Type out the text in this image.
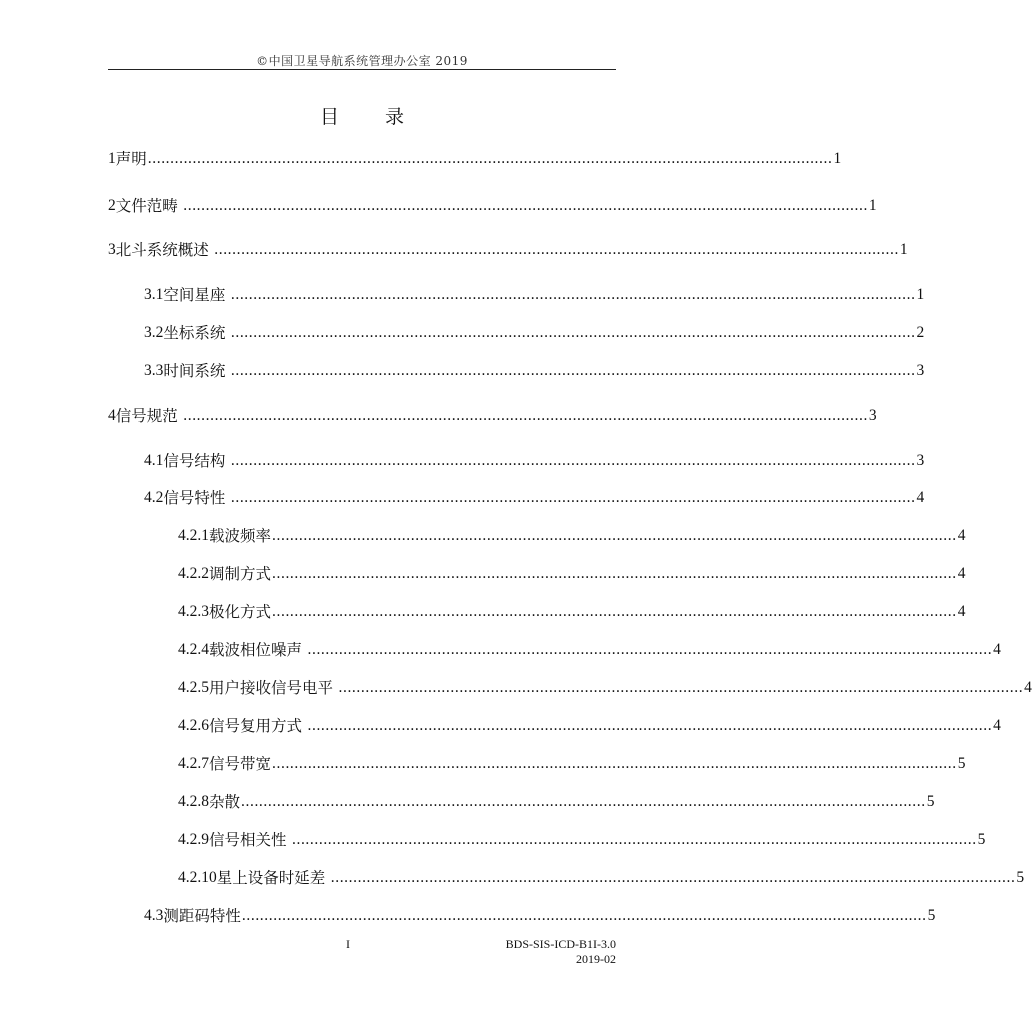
©中国卫星导航系统管理办公室 2019
目 录
1 声明 ......................................................................................................................................................... 1
2 文件范畴 ......................................................................................................................................................... 1
3 北斗系统概述 ......................................................................................................................................................... 1
3.1 空间星座 ......................................................................................................................................................... 1
3.2 坐标系统 ......................................................................................................................................................... 2
3.3 时间系统 ......................................................................................................................................................... 3
4 信号规范 ......................................................................................................................................................... 3
4.1 信号结构 ......................................................................................................................................................... 3
4.2 信号特性 ......................................................................................................................................................... 4
4.2.1 载波频率 ......................................................................................................................................................... 4
4.2.2 调制方式 ......................................................................................................................................................... 4
4.2.3 极化方式 ......................................................................................................................................................... 4
4.2.4 载波相位噪声 ......................................................................................................................................................... 4
4.2.5 用户接收信号电平 ......................................................................................................................................................... 4
4.2.6 信号复用方式 ......................................................................................................................................................... 4
4.2.7 信号带宽 ......................................................................................................................................................... 5
4.2.8 杂散 ......................................................................................................................................................... 5
4.2.9 信号相关性 ......................................................................................................................................................... 5
4.2.10 星上设备时延差 ......................................................................................................................................................... 5
4.3 测距码特性 ......................................................................................................................................................... 5
I	BDS-SIS-ICD-B1I-3.0
2019-02
